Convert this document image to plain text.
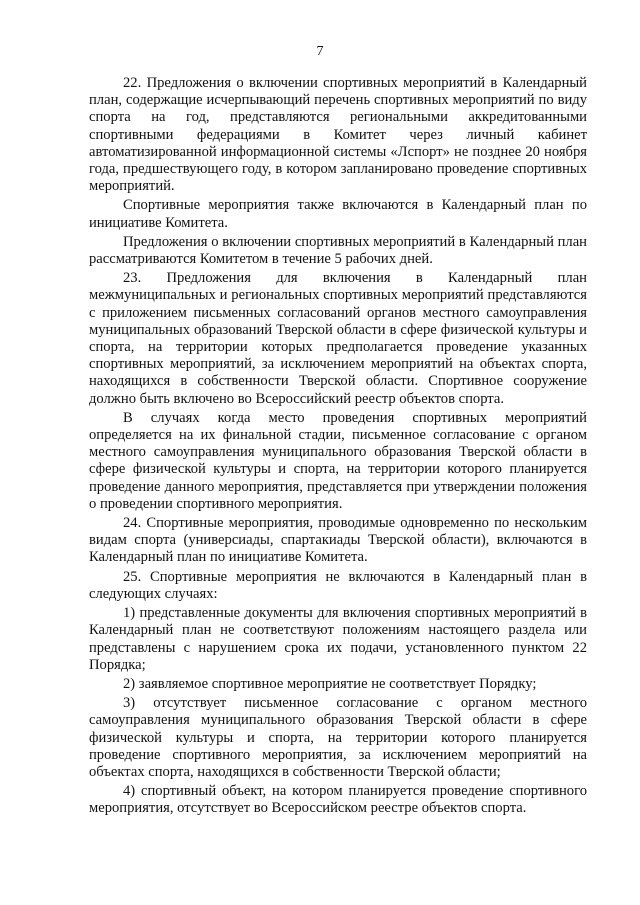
7

22. Предложения о включении спортивных мероприятий в Календарный план, содержащие исчерпывающий перечень спортивных мероприятий по виду спорта на год, представляются региональными аккредитованными спортивными федерациями в Комитет через личный кабинет автоматизированной информационной системы «Лспорт» не позднее 20 ноября года, предшествующего году, в котором запланировано проведение спортивных мероприятий.

Спортивные мероприятия также включаются в Календарный план по инициативе Комитета.

Предложения о включении спортивных мероприятий в Календарный план рассматриваются Комитетом в течение 5 рабочих дней.

23. Предложения для включения в Календарный план межмуниципальных и региональных спортивных мероприятий представляются с приложением письменных согласований органов местного самоуправления муниципальных образований Тверской области в сфере физической культуры и спорта, на территории которых предполагается проведение указанных спортивных мероприятий, за исключением мероприятий на объектах спорта, находящихся в собственности Тверской области. Спортивное сооружение должно быть включено во Всероссийский реестр объектов спорта.

В случаях когда место проведения спортивных мероприятий определяется на их финальной стадии, письменное согласование с органом местного самоуправления муниципального образования Тверской области в сфере физической культуры и спорта, на территории которого планируется проведение данного мероприятия, представляется при утверждении положения о проведении спортивного мероприятия.

24. Спортивные мероприятия, проводимые одновременно по нескольким видам спорта (универсиады, спартакиады Тверской области), включаются в Календарный план по инициативе Комитета.

25. Спортивные мероприятия не включаются в Календарный план в следующих случаях:

1) представленные документы для включения спортивных мероприятий в Календарный план не соответствуют положениям настоящего раздела или представлены с нарушением срока их подачи, установленного пунктом 22 Порядка;

2) заявляемое спортивное мероприятие не соответствует Порядку;

3) отсутствует письменное согласование с органом местного самоуправления муниципального образования Тверской области в сфере физической культуры и спорта, на территории которого планируется проведение спортивного мероприятия, за исключением мероприятий на объектах спорта, находящихся в собственности Тверской области;

4) спортивный объект, на котором планируется проведение спортивного мероприятия, отсутствует во Всероссийском реестре объектов спорта.
